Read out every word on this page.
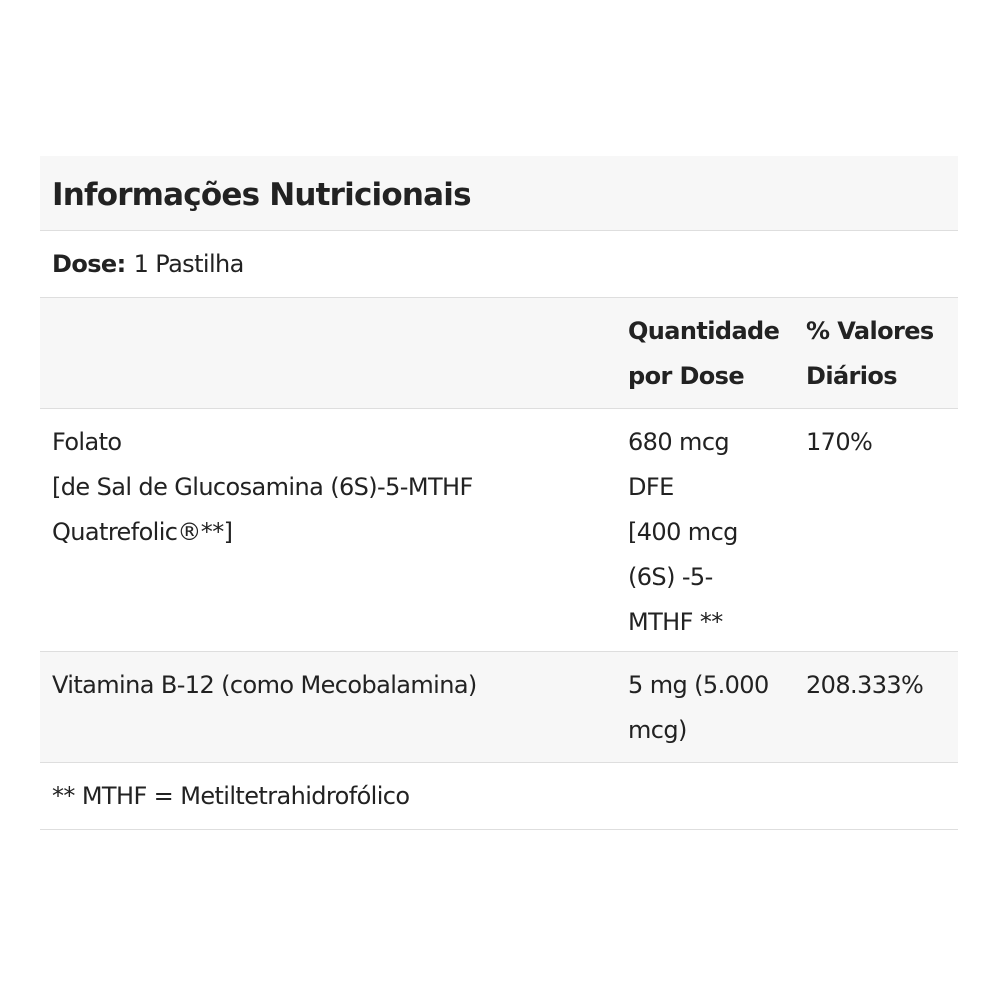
Informações Nutricionais
Dose: 1 Pastilha
Quantidade
por Dose
% Valores
Diários
Folato
[de Sal de Glucosamina (6S)-5-MTHF
Quatrefolic®**]
680 mcg
DFE
[400 mcg
(6S) -5-
MTHF **
170%
Vitamina B-12 (como Mecobalamina)	5 mg (5.000
mcg)
208.333%
** MTHF = Metiltetrahidrofólico
